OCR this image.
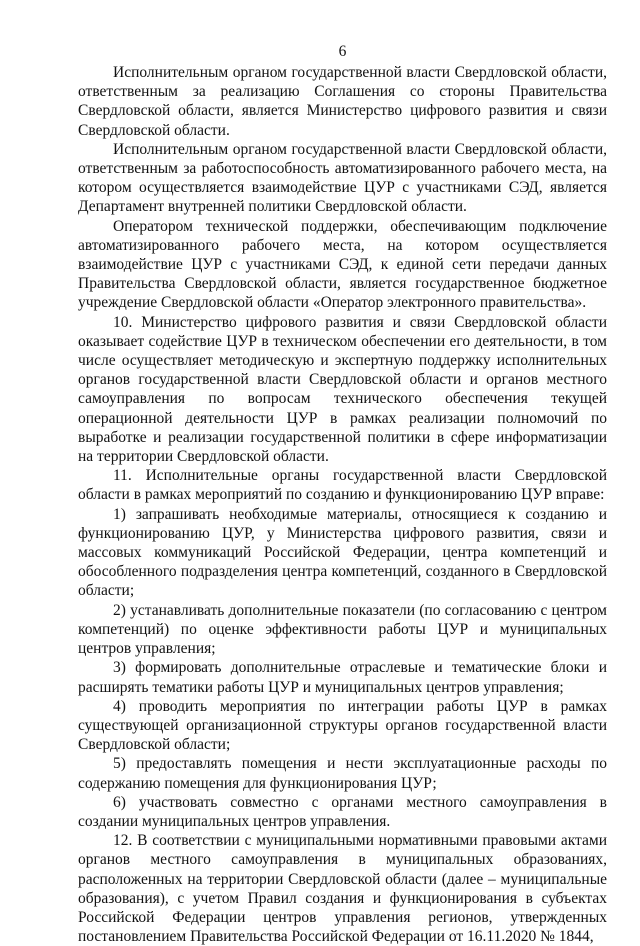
6

Исполнительным органом государственной власти Свердловской области, ответственным за реализацию Соглашения со стороны Правительства Свердловской области, является Министерство цифрового развития и связи Свердловской области.

Исполнительным органом государственной власти Свердловской области, ответственным за работоспособность автоматизированного рабочего места, на котором осуществляется взаимодействие ЦУР с участниками СЭД, является Департамент внутренней политики Свердловской области.

Оператором технической поддержки, обеспечивающим подключение автоматизированного рабочего места, на котором осуществляется взаимодействие ЦУР с участниками СЭД, к единой сети передачи данных Правительства Свердловской области, является государственное бюджетное учреждение Свердловской области «Оператор электронного правительства».

10. Министерство цифрового развития и связи Свердловской области оказывает содействие ЦУР в техническом обеспечении его деятельности, в том числе осуществляет методическую и экспертную поддержку исполнительных органов государственной власти Свердловской области и органов местного самоуправления по вопросам технического обеспечения текущей операционной деятельности ЦУР в рамках реализации полномочий по выработке и реализации государственной политики в сфере информатизации на территории Свердловской области.

11. Исполнительные органы государственной власти Свердловской области в рамках мероприятий по созданию и функционированию ЦУР вправе:

1) запрашивать необходимые материалы, относящиеся к созданию и функционированию ЦУР, у Министерства цифрового развития, связи и массовых коммуникаций Российской Федерации, центра компетенций и обособленного подразделения центра компетенций, созданного в Свердловской области;

2) устанавливать дополнительные показатели (по согласованию с центром компетенций) по оценке эффективности работы ЦУР и муниципальных центров управления;

3) формировать дополнительные отраслевые и тематические блоки и расширять тематики работы ЦУР и муниципальных центров управления;

4) проводить мероприятия по интеграции работы ЦУР в рамках существующей организационной структуры органов государственной власти Свердловской области;

5) предоставлять помещения и нести эксплуатационные расходы по содержанию помещения для функционирования ЦУР;

6) участвовать совместно с органами местного самоуправления в создании муниципальных центров управления.

12. В соответствии с муниципальными нормативными правовыми актами органов местного самоуправления в муниципальных образованиях, расположенных на территории Свердловской области (далее – муниципальные образования), с учетом Правил создания и функционирования в субъектах Российской Федерации центров управления регионов, утвержденных постановлением Правительства Российской Федерации от 16.11.2020 № 1844,
